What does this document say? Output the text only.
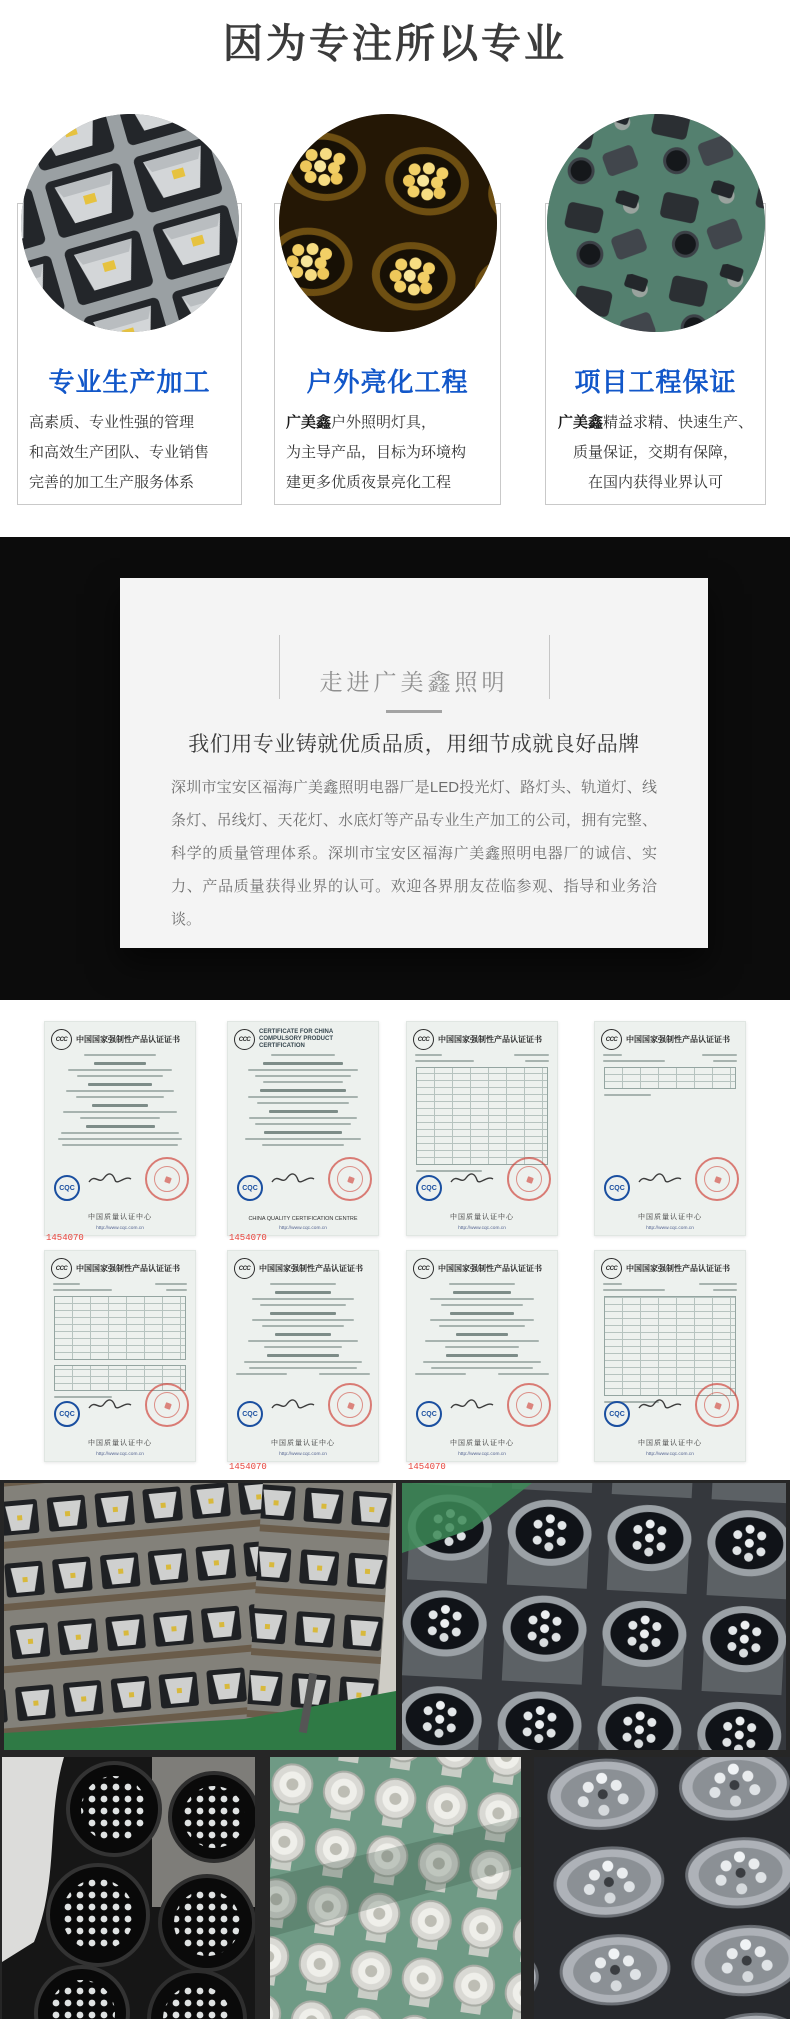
因为专注所以专业
专业生产加工
高素质、专业性强的管理
和高效生产团队、专业销售
完善的加工生产服务体系
户外亮化工程
广美鑫户外照明灯具，
为主导产品，目标为环境构
建更多优质夜景亮化工程
项目工程保证
广美鑫精益求精、快速生产、
质量保证，交期有保障，
在国内获得业界认可
走进广美鑫照明
我们用专业铸就优质品质，用细节成就良好品牌
深圳市宝安区福海广美鑫照明电器厂是LED投光灯、路灯头、轨道灯、线条灯、吊线灯、天花灯、水底灯等产品专业生产加工的公司，拥有完整、科学的质量管理体系。深圳市宝安区福海广美鑫照明电器厂的诚信、实力、产品质量获得业界的认可。欢迎各界朋友莅临参观、指导和业务洽谈。
CCC	中国国家强制性产品认证证书
CQC
中国质量认证中心
http://www.cqc.com.cn
CCC
CERTIFICATE FOR CHINA COMPULSORY PRODUCT CERTIFICATION
CQC
CHINA QUALITY CERTIFICATION CENTRE
http://www.cqc.com.cn
CCC	中国国家强制性产品认证证书
CQC
中国质量认证中心
http://www.cqc.com.cn
CCC	中国国家强制性产品认证证书
CQC
中国质量认证中心
http://www.cqc.com.cn
1454070	1454070
CCC	中国国家强制性产品认证证书
CQC
中国质量认证中心
http://www.cqc.com.cn
CCC	中国国家强制性产品认证证书
CQC
中国质量认证中心
http://www.cqc.com.cn
CCC	中国国家强制性产品认证证书
CQC
中国质量认证中心
http://www.cqc.com.cn
CCC	中国国家强制性产品认证证书
CQC
中国质量认证中心
http://www.cqc.com.cn
1454070	1454070
